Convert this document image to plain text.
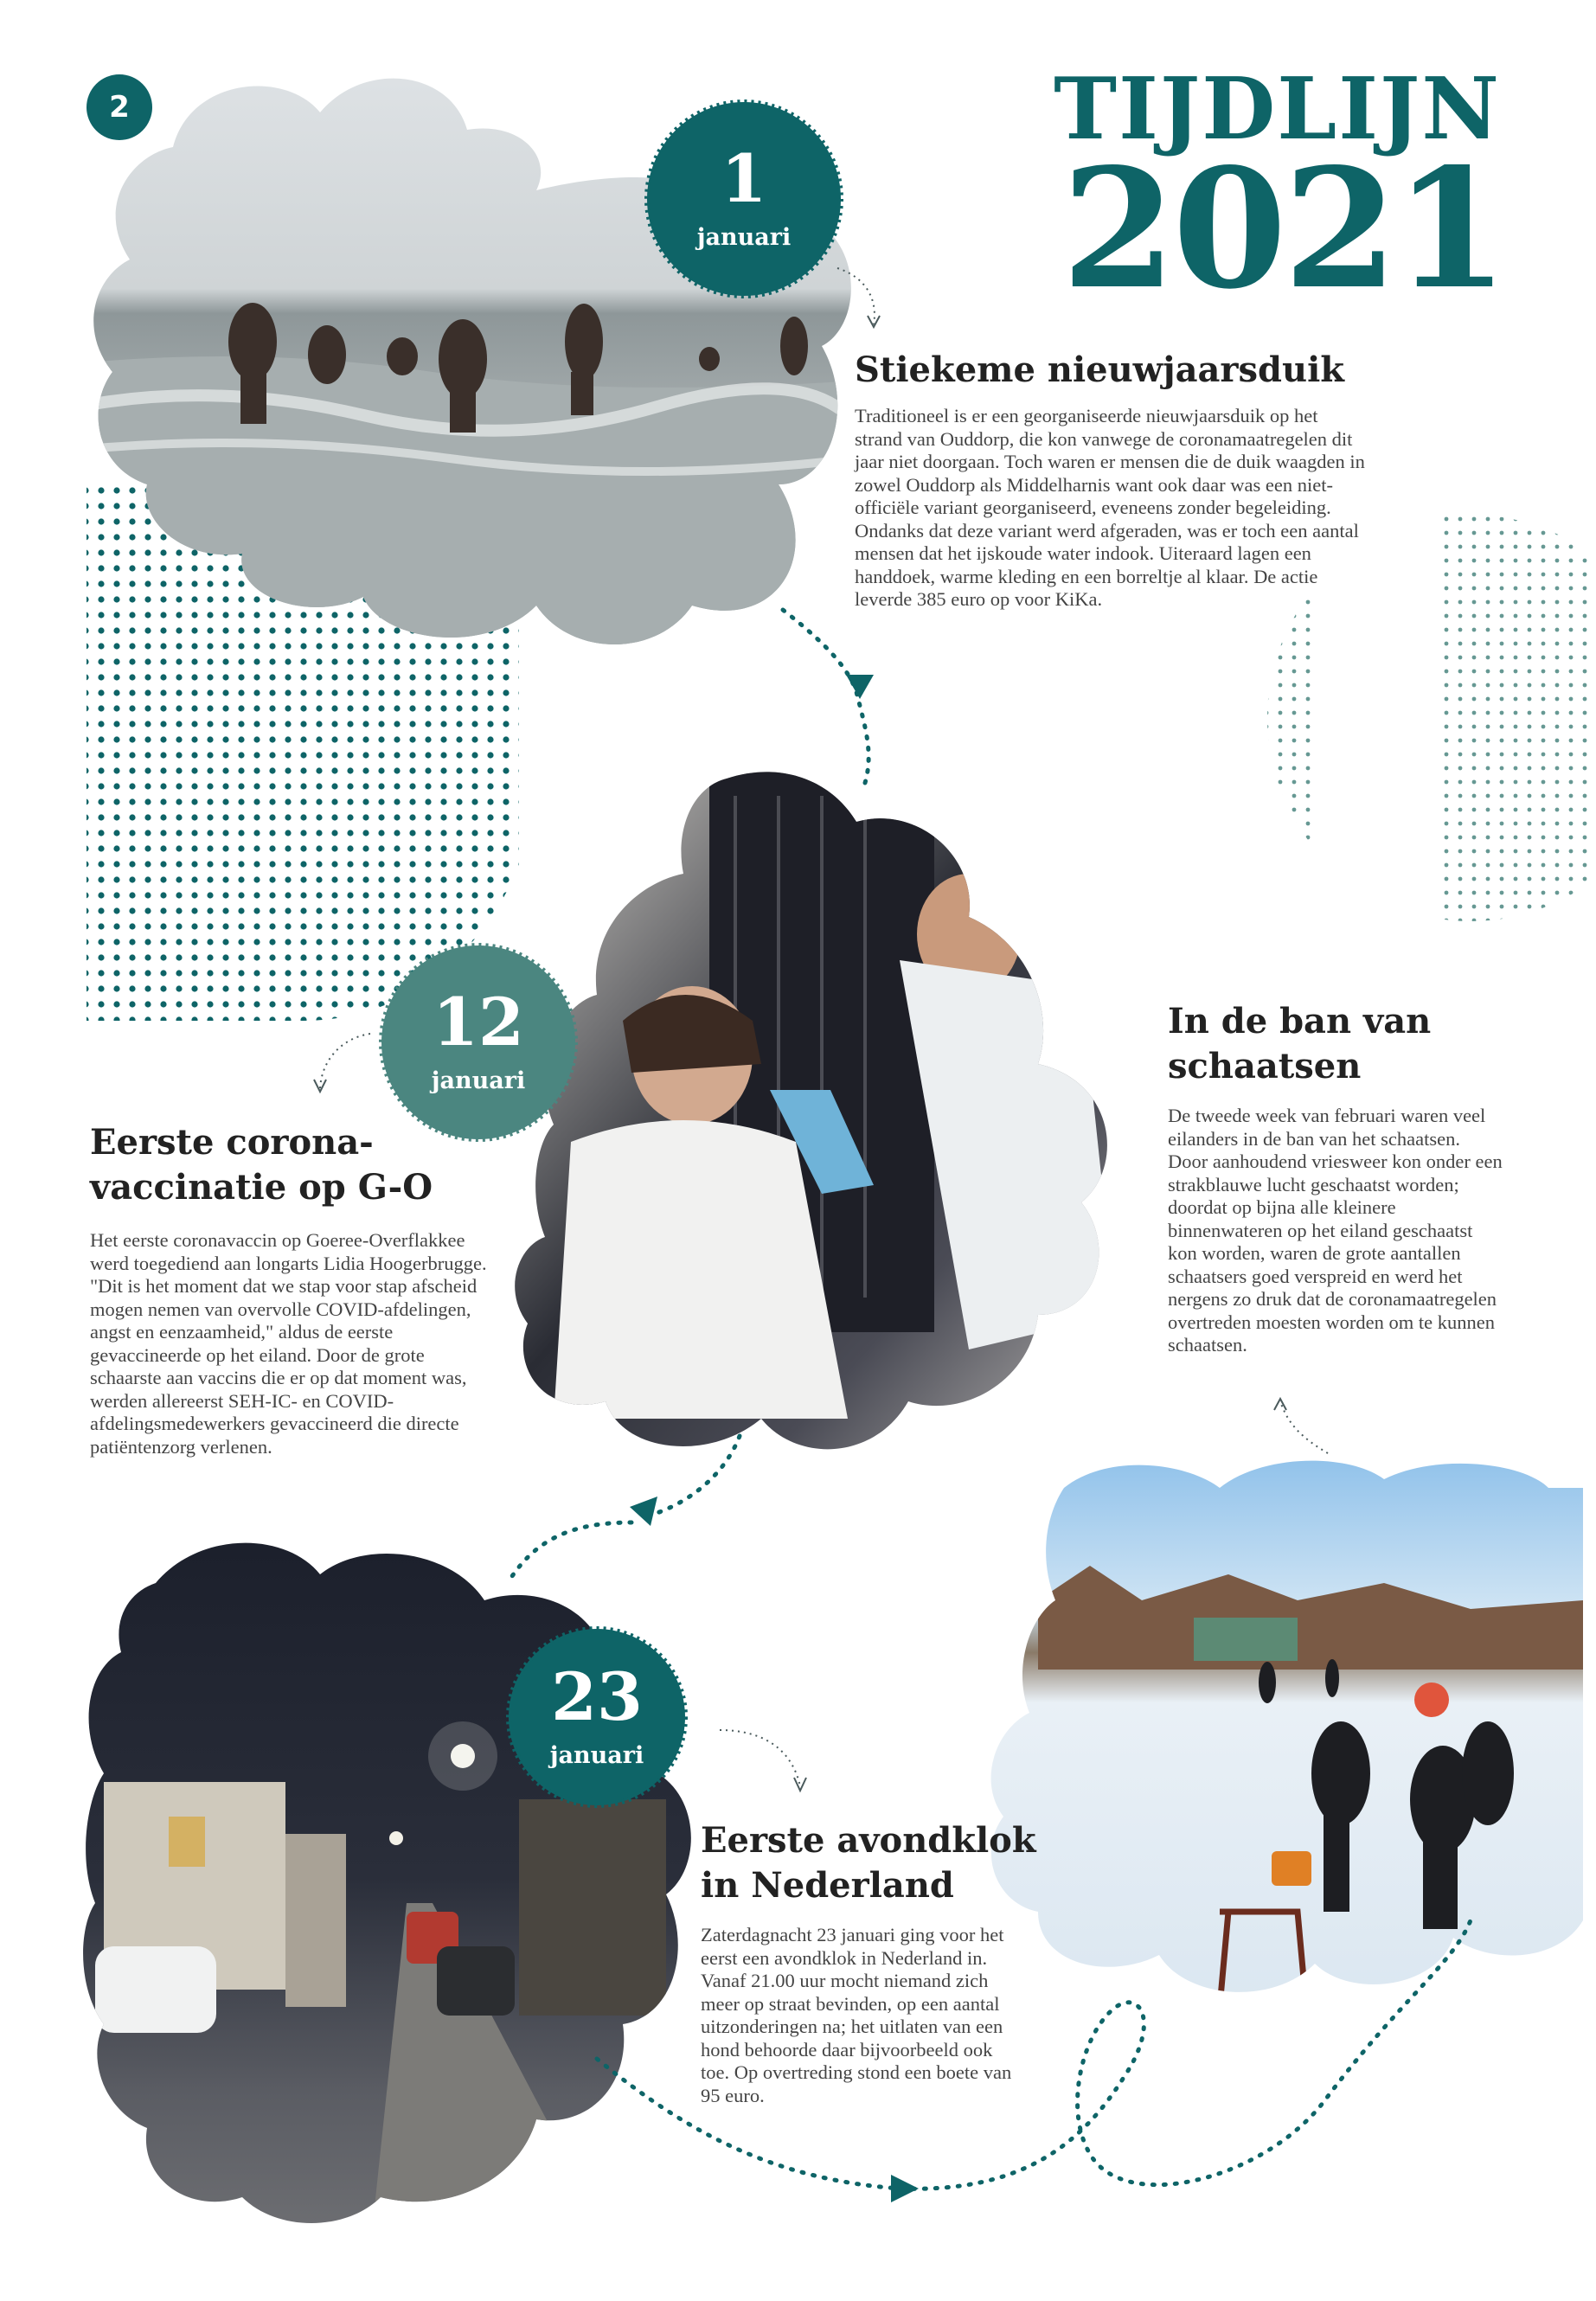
2	TIJDLIJN
2021
1
januari
12
januari
23
januari
Stiekeme nieuwjaarsduik

Traditioneel is er een georganiseerde nieuwjaarsduik op het strand van Ouddorp, die kon vanwege de coronamaatregelen dit jaar niet doorgaan. Toch waren er mensen die de duik waagden in zowel Ouddorp als Middelharnis want ook daar was een niet-officiële variant georganiseerd, eveneens zonder begeleiding. Ondanks dat deze variant werd afgeraden, was er toch een aantal mensen dat het ijskoude water indook. Uiteraard lagen een handdoek, warme kleding en een borreltje al klaar. De actie leverde 385 euro op voor KiKa.

Eerste corona-vaccinatie op G-O

Het eerste coronavaccin op Goeree-Overflakkee werd toegediend aan longarts Lidia Hoogerbrugge. "Dit is het moment dat we stap voor stap afscheid mogen nemen van overvolle COVID-afdelingen, angst en eenzaamheid," aldus de eerste gevaccineerde op het eiland. Door de grote schaarste aan vaccins die er op dat moment was, werden allereerst SEH-IC- en COVID-afdelingsmedewerkers gevaccineerd die directe patiëntenzorg verlenen.

In de ban van schaatsen

De tweede week van februari waren veel eilanders in de ban van het schaatsen. Door aanhoudend vriesweer kon onder een strakblauwe lucht geschaatst worden; doordat op bijna alle kleinere binnenwateren op het eiland geschaatst kon worden, waren de grote aantallen schaatsers goed verspreid en werd het nergens zo druk dat de coronamaatregelen overtreden moesten worden om te kunnen schaatsen.

Eerste avondklok in Nederland

Zaterdagnacht 23 januari ging voor het eerst een avondklok in Nederland in. Vanaf 21.00 uur mocht niemand zich meer op straat bevinden, op een aantal uitzonderingen na; het uitlaten van een hond behoorde daar bijvoorbeeld ook toe. Op overtreding stond een boete van 95 euro.
